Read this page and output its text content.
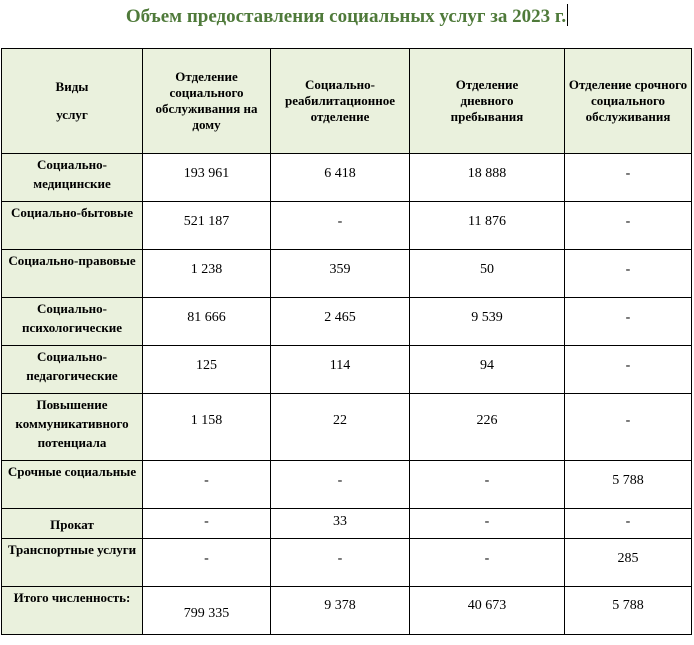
Объем предоставления социальных услуг за 2023 г.
Виды
услуг	Отделение социального обслуживания на дому	Социально-реабилитационное отделение	Отделение дневного пребывания	Отделение срочного социального обслуживания

Социально-медицинские	193 961	6 418	18 888	-

Социально-бытовые	521 187	-	11 876	-

Социально-правовые	1 238	359	50	-

Социально-психологические	81 666	2 465	9 539	-

Социально-педагогические	125	114	94	-

Повышение коммуникативного потенциала	1 158	22	226	-

Срочные социальные	-	-	-	5 788

Прокат	-	33	-	-

Транспортные услуги	-	-	-	285

Итого численность:	799 335	9 378	40 673	5 788
